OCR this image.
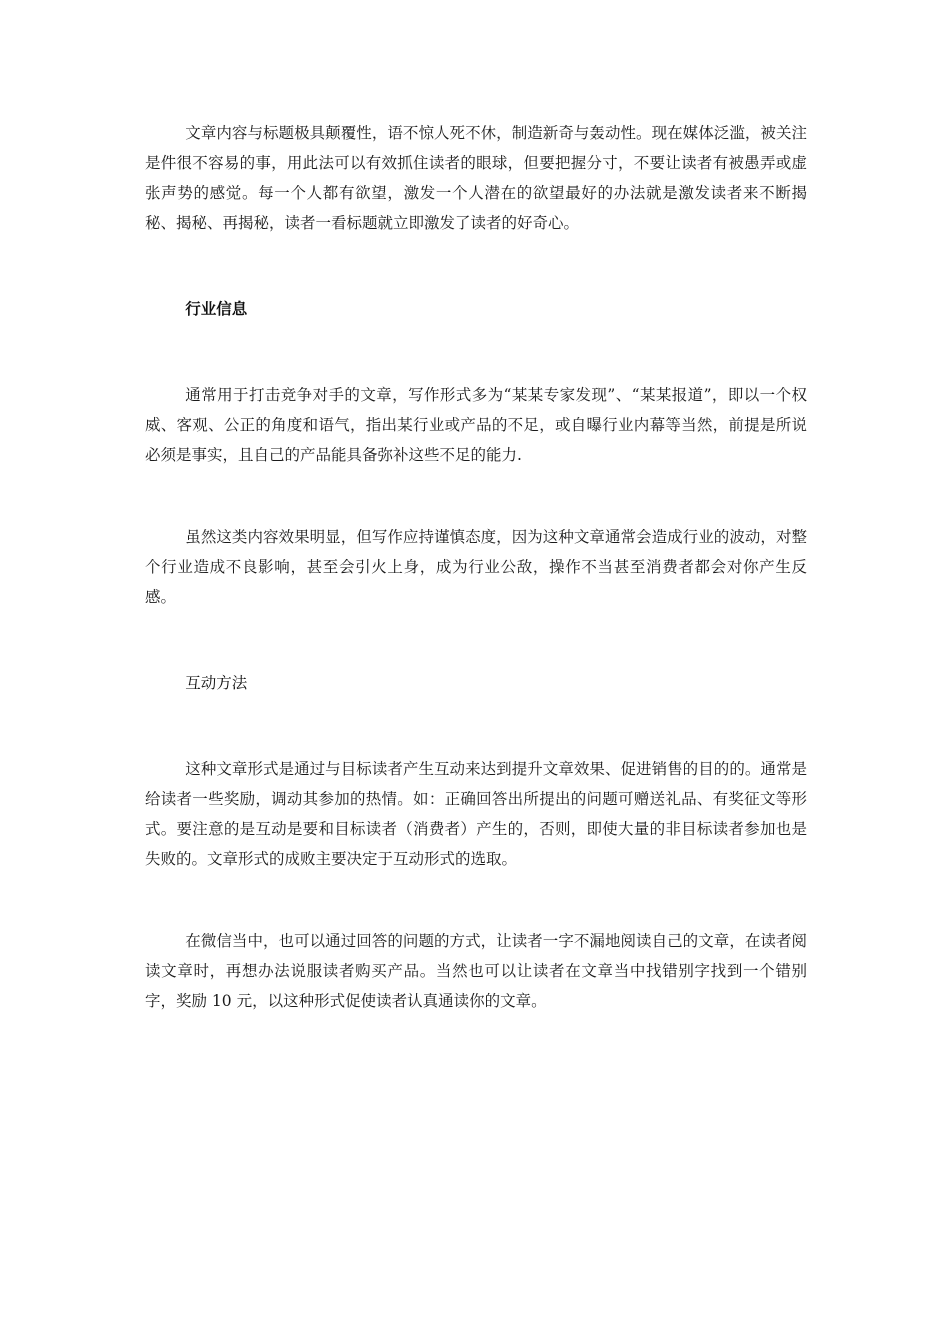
文章内容与标题极具颠覆性，语不惊人死不休，制造新奇与轰动性。现在媒体泛滥，被关注是件很不容易的事，用此法可以有效抓住读者的眼球，但要把握分寸，不要让读者有被愚弄或虚张声势的感觉。每一个人都有欲望，激发一个人潜在的欲望最好的办法就是激发读者来不断揭秘、揭秘、再揭秘，读者一看标题就立即激发了读者的好奇心。

行业信息

通常用于打击竞争对手的文章，写作形式多为“某某专家发现”、“某某报道”，即以一个权威、客观、公正的角度和语气，指出某行业或产品的不足，或自曝行业内幕等当然，前提是所说必须是事实，且自己的产品能具备弥补这些不足的能力.

虽然这类内容效果明显，但写作应持谨慎态度，因为这种文章通常会造成行业的波动，对整个行业造成不良影响，甚至会引火上身，成为行业公敌，操作不当甚至消费者都会对你产生反感。

互动方法

这种文章形式是通过与目标读者产生互动来达到提升文章效果、促进销售的目的的。通常是给读者一些奖励，调动其参加的热情。如：正确回答出所提出的问题可赠送礼品、有奖征文等形式。要注意的是互动是要和目标读者（消费者）产生的，否则，即使大量的非目标读者参加也是失败的。文章形式的成败主要决定于互动形式的选取。

在微信当中，也可以通过回答的问题的方式，让读者一字不漏地阅读自己的文章，在读者阅读文章时，再想办法说服读者购买产品。当然也可以让读者在文章当中找错别字找到一个错别字，奖励 10 元，以这种形式促使读者认真通读你的文章。
